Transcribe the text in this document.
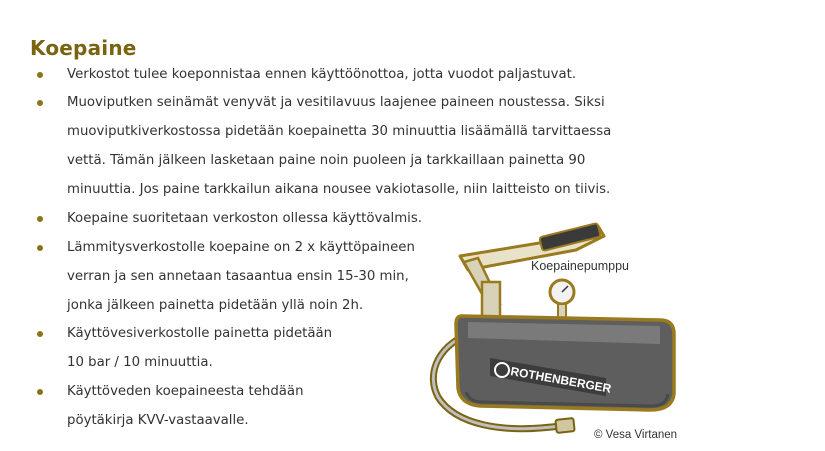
Koepaine
Verkostot tulee koeponnistaa ennen käyttöönottoa, jotta vuodot paljastuvat.
Muoviputken seinämät venyvät ja vesitilavuus laajenee paineen noustessa. Siksi
muoviputkiverkostossa pidetään koepainetta 30 minuuttia lisäämällä tarvittaessa
vettä. Tämän jälkeen lasketaan paine noin puoleen ja tarkkaillaan painetta 90
minuuttia. Jos paine tarkkailun aikana nousee vakiotasolle, niin laitteisto on tiivis.
Koepaine suoritetaan verkoston ollessa käyttövalmis.
Lämmitysverkostolle koepaine on 2 x käyttöpaineen
verran ja sen annetaan tasaantua ensin 15-30 min,
jonka jälkeen painetta pidetään yllä noin 2h.
Käyttövesiverkostolle painetta pidetään
10 bar / 10 minuuttia.
Käyttöveden koepaineesta tehdään
pöytäkirja KVV-vastaavalle.
Koepainepumppu
© Vesa Virtanen
ROTHENBERGER
